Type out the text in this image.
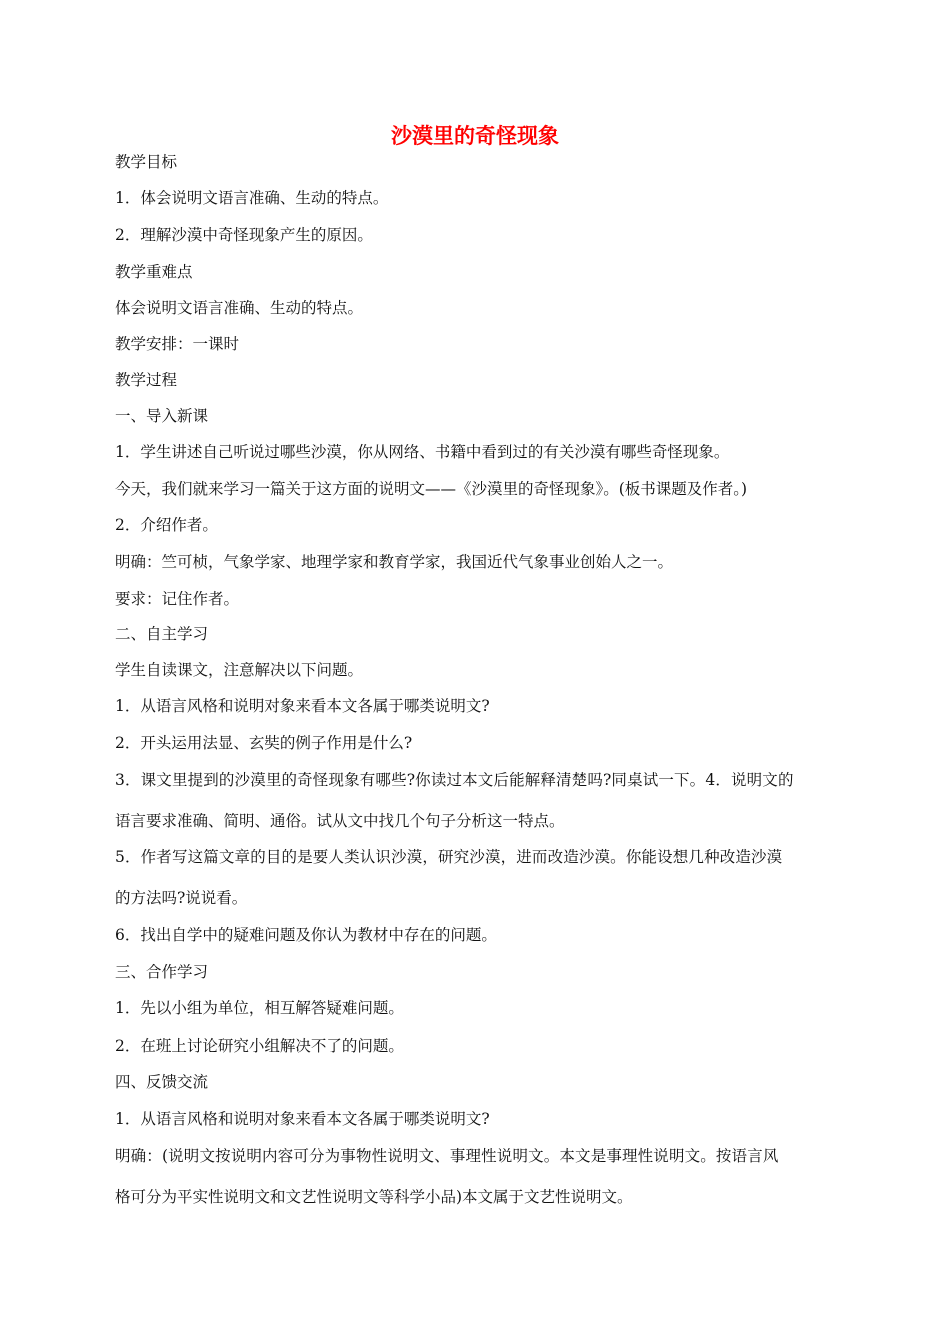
沙漠里的奇怪现象

教学目标

1．体会说明文语言准确、生动的特点。

2．理解沙漠中奇怪现象产生的原因。

教学重难点

体会说明文语言准确、生动的特点。

教学安排：一课时

教学过程

一、导入新课

1．学生讲述自己听说过哪些沙漠，你从网络、书籍中看到过的有关沙漠有哪些奇怪现象。

今天，我们就来学习一篇关于这方面的说明文——《沙漠里的奇怪现象》。(板书课题及作者。)

2．介绍作者。

明确：竺可桢，气象学家、地理学家和教育学家，我国近代气象事业创始人之一。

要求：记住作者。

二、自主学习

学生自读课文，注意解决以下问题。

1．从语言风格和说明对象来看本文各属于哪类说明文?

2．开头运用法显、玄奘的例子作用是什么?

3．课文里提到的沙漠里的奇怪现象有哪些?你读过本文后能解释清楚吗?同桌试一下。4．说明文的

语言要求准确、简明、通俗。试从文中找几个句子分析这一特点。

5．作者写这篇文章的目的是要人类认识沙漠，研究沙漠，进而改造沙漠。你能设想几种改造沙漠

的方法吗?说说看。

6．找出自学中的疑难问题及你认为教材中存在的问题。

三、合作学习

1．先以小组为单位，相互解答疑难问题。

2．在班上讨论研究小组解决不了的问题。

四、反馈交流

1．从语言风格和说明对象来看本文各属于哪类说明文?

明确：(说明文按说明内容可分为事物性说明文、事理性说明文。本文是事理性说明文。按语言风

格可分为平实性说明文和文艺性说明文等科学小品)本文属于文艺性说明文。
